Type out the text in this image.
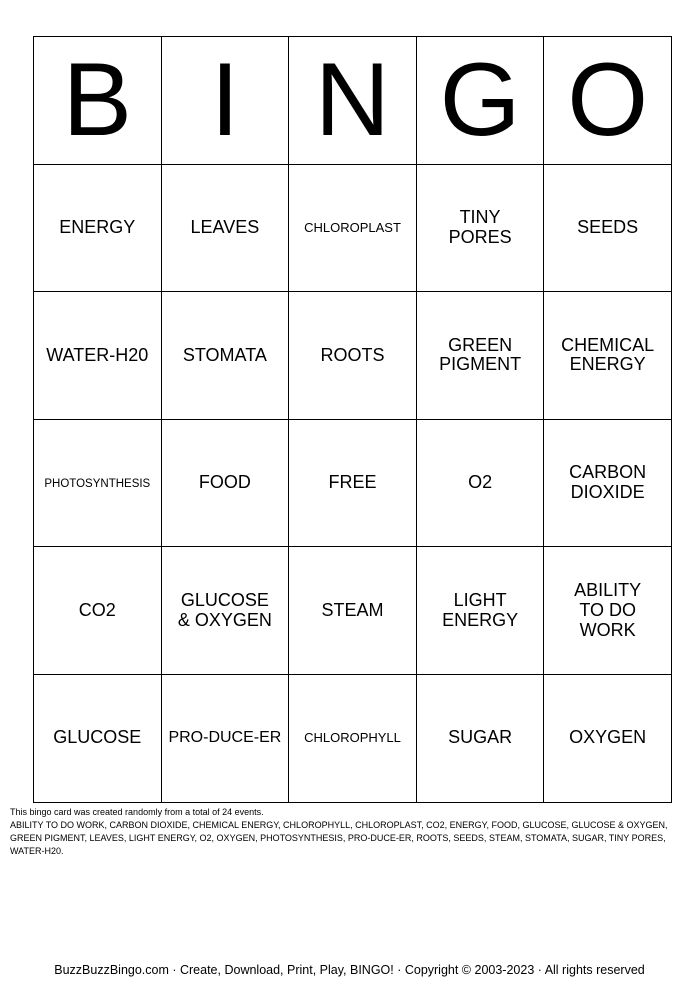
B	I	N	G	O
ENERGY	LEAVES	CHLOROPLAST	TINY PORES	SEEDS
WATER-H20	STOMATA	ROOTS	GREEN PIGMENT	CHEMICAL ENERGY
PHOTOSYNTHESIS	FOOD	FREE	O2	CARBON DIOXIDE
CO2	GLUCOSE & OXYGEN	STEAM	LIGHT ENERGY	ABILITY TO DO WORK
GLUCOSE	PRO-DUCE-ER	CHLOROPHYLL	SUGAR	OXYGEN
This bingo card was created randomly from a total of 24 events.
ABILITY TO DO WORK, CARBON DIOXIDE, CHEMICAL ENERGY, CHLOROPHYLL, CHLOROPLAST, CO2, ENERGY, FOOD, GLUCOSE, GLUCOSE & OXYGEN, GREEN PIGMENT, LEAVES, LIGHT ENERGY, O2, OXYGEN, PHOTOSYNTHESIS, PRO-DUCE-ER, ROOTS, SEEDS, STEAM, STOMATA, SUGAR, TINY PORES, WATER-H20.
BuzzBuzzBingo.com · Create, Download, Print, Play, BINGO! · Copyright © 2003-2023 · All rights reserved
